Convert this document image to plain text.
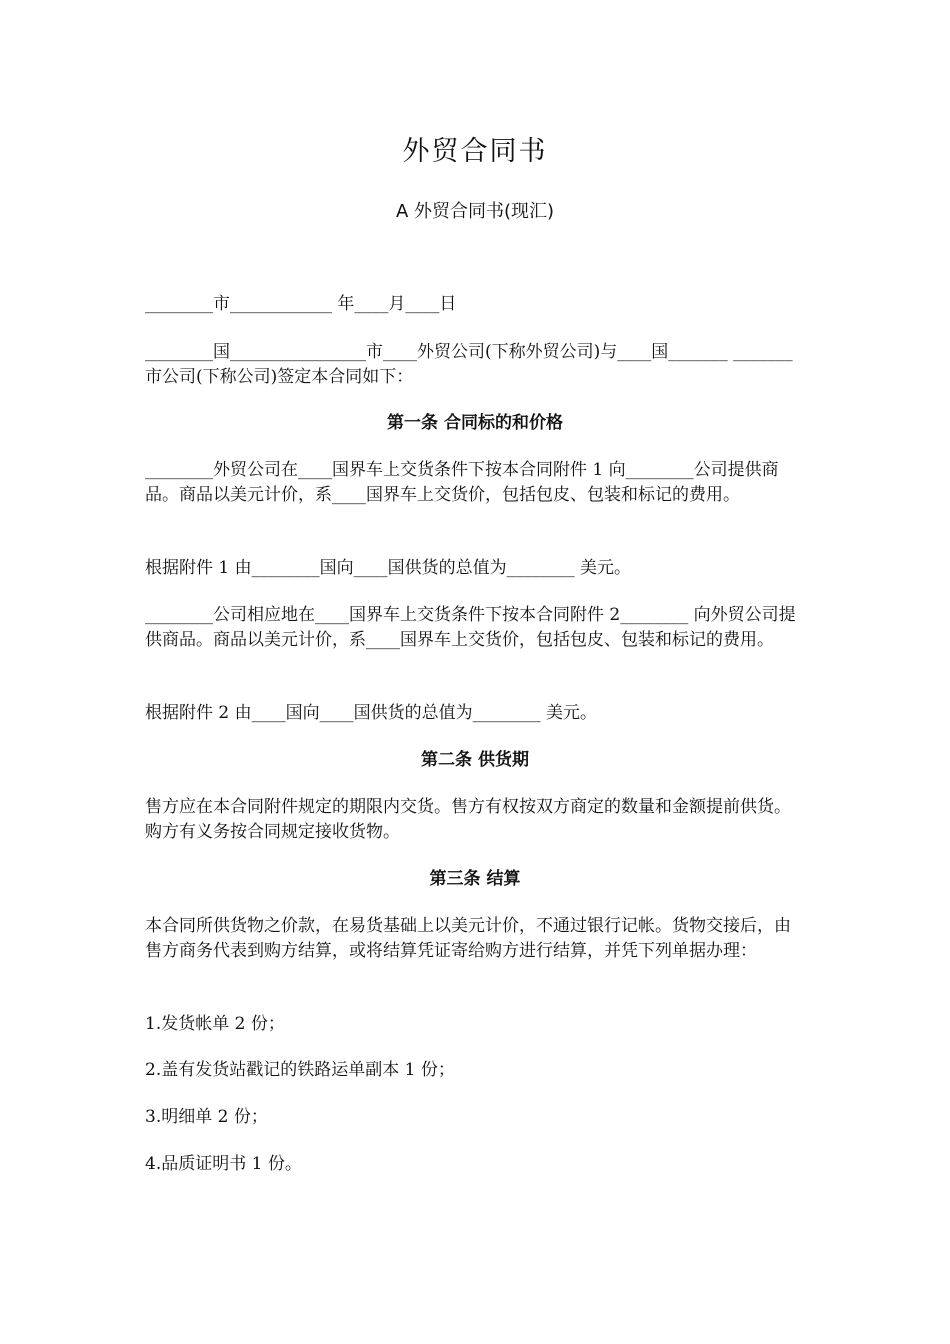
外贸合同书
A 外贸合同书(现汇)
________市____________ 年____月____日
________国________________市____外贸公司(下称外贸公司)与____国_______ _______市公司(下称公司)签定本合同如下：
第一条 合同标的和价格
________外贸公司在____国界车上交货条件下按本合同附件 1 向________公司提供商品。商品以美元计价，系____国界车上交货价，包括包皮、包装和标记的费用。
根据附件 1 由________国向____国供货的总值为________ 美元。
________公司相应地在____国界车上交货条件下按本合同附件 2________ 向外贸公司提供商品。商品以美元计价，系____国界车上交货价，包括包皮、包装和标记的费用。
根据附件 2 由____国向____国供货的总值为________ 美元。
第二条 供货期
售方应在本合同附件规定的期限内交货。售方有权按双方商定的数量和金额提前供货。购方有义务按合同规定接收货物。
第三条 结算
本合同所供货物之价款，在易货基础上以美元计价，不通过银行记帐。货物交接后，由售方商务代表到购方结算，或将结算凭证寄给购方进行结算，并凭下列单据办理：
1.发货帐单 2 份；
2.盖有发货站戳记的铁路运单副本 1 份；
3.明细单 2 份；
4.品质证明书 1 份。
